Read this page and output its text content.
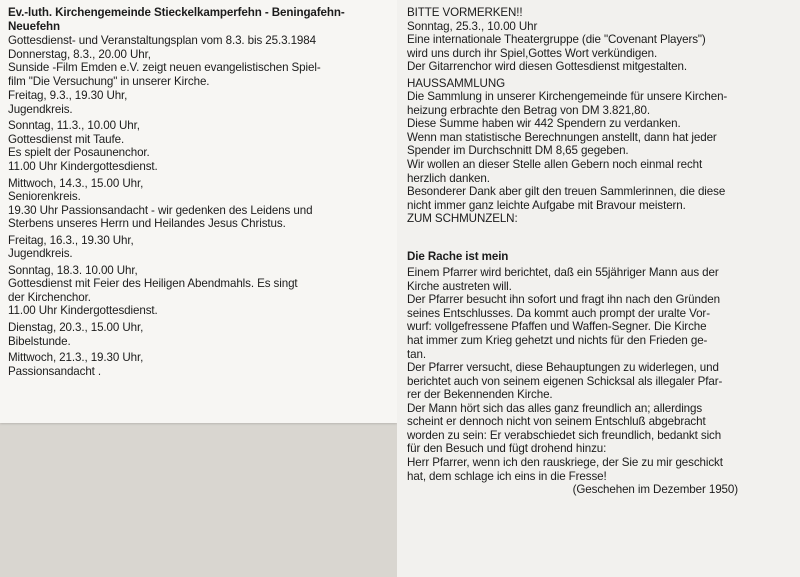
Ev.-luth. Kirchengemeinde Stieckelkamperfehn - Beningafehn-
Neuefehn
Gottesdienst- und Veranstaltungsplan vom 8.3. bis 25.3.1984
Donnerstag, 8.3., 20.00 Uhr,
Sunside -Film Emden e.V. zeigt neuen evangelistischen Spiel-
film "Die Versuchung" in unserer Kirche.
Freitag, 9.3., 19.30 Uhr,
Jugendkreis.
Sonntag, 11.3., 10.00 Uhr,
Gottesdienst mit Taufe.
Es spielt der Posaunenchor.
11.00 Uhr Kindergottesdienst.
Mittwoch, 14.3., 15.00 Uhr,
Seniorenkreis.
19.30 Uhr Passionsandacht - wir gedenken des Leidens und
Sterbens unseres Herrn und Heilandes Jesus Christus.
Freitag, 16.3., 19.30 Uhr,
Jugendkreis.
Sonntag, 18.3. 10.00 Uhr,
Gottesdienst mit Feier des Heiligen Abendmahls. Es singt
der Kirchenchor.
11.00 Uhr Kindergottesdienst.
Dienstag, 20.3., 15.00 Uhr,
Bibelstunde.
Mittwoch, 21.3., 19.30 Uhr,
Passionsandacht .
BITTE VORMERKEN!!
Sonntag, 25.3., 10.00 Uhr
Eine internationale Theatergruppe (die "Covenant Players")
wird uns durch ihr Spiel,Gottes Wort verkündigen.
Der Gitarrenchor wird diesen Gottesdienst mitgestalten.
HAUSSAMMLUNG
Die Sammlung in unserer Kirchengemeinde für unsere Kirchen-
heizung erbrachte den Betrag von DM 3.821,80.
Diese Summe haben wir 442 Spendern zu verdanken.
Wenn man statistische Berechnungen anstellt, dann hat jeder
Spender im Durchschnitt DM 8,65 gegeben.
Wir wollen an dieser Stelle allen Gebern noch einmal recht
herzlich danken.
Besonderer Dank aber gilt den treuen Sammlerinnen, die diese
nicht immer ganz leichte Aufgabe mit Bravour meistern.
ZUM SCHMUNZELN:
Die Rache ist mein
Einem Pfarrer wird berichtet, daß ein 55jähriger Mann aus der
Kirche austreten will.
Der Pfarrer besucht ihn sofort und fragt ihn nach den Gründen
seines Entschlusses. Da kommt auch prompt der uralte Vor-
wurf: vollgefressene Pfaffen und Waffen-Segner. Die Kirche
hat immer zum Krieg gehetzt und nichts für den Frieden ge-
tan.
Der Pfarrer versucht, diese Behauptungen zu widerlegen, und
berichtet auch von seinem eigenen Schicksal als illegaler Pfar-
rer der Bekennenden Kirche.
Der Mann hört sich das alles ganz freundlich an; allerdings
scheint er dennoch nicht von seinem Entschluß abgebracht
worden zu sein: Er verabschiedet sich freundlich, bedankt sich
für den Besuch und fügt drohend hinzu:
Herr Pfarrer, wenn ich den rauskriege, der Sie zu mir geschickt
hat, dem schlage ich eins in die Fresse!
(Geschehen im Dezember 1950)
